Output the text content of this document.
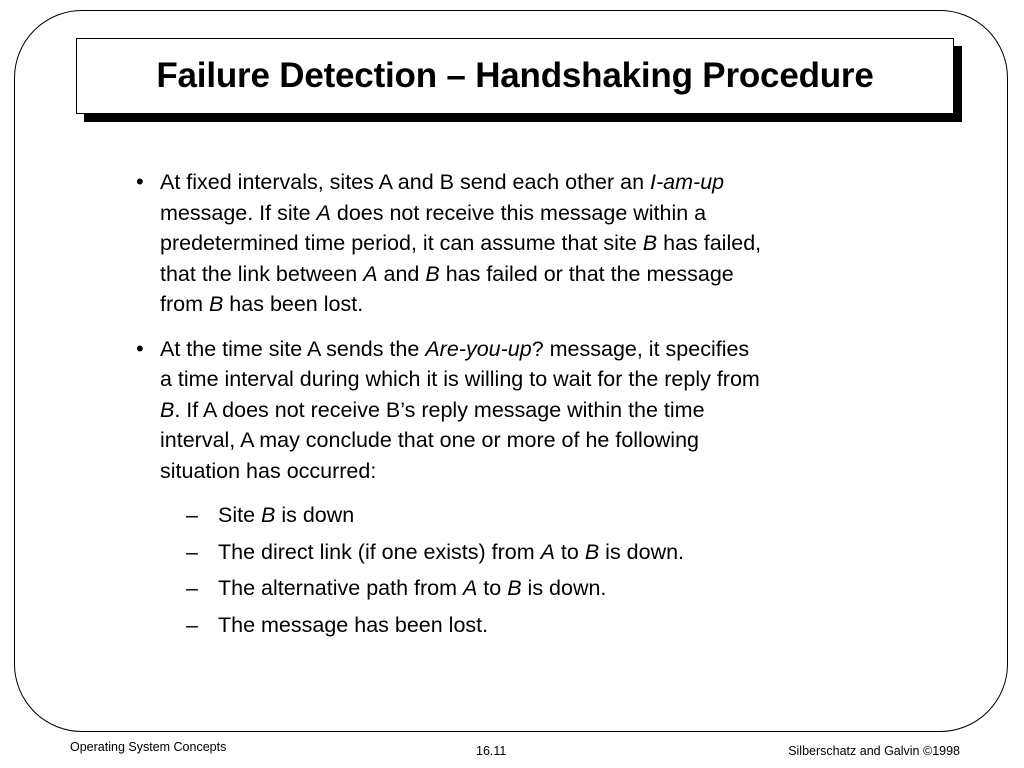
Failure Detection – Handshaking Procedure
• At fixed intervals, sites A and B send each other an I-am-up
message. If site A does not receive this message within a
predetermined time period, it can assume that site B has failed,
that the link between A and B has failed or that the message
from B has been lost.
• At the time site A sends the Are-you-up? message, it specifies
a time interval during which it is willing to wait for the reply from
B. If A does not receive B’s reply message within the time
interval, A may conclude that one or more of he following
situation has occurred:
– Site B is down
– The direct link (if one exists) from A to B is down.
– The alternative path from A to B is down.
– The message has been lost.
Operating System Concepts	16.11	Silberschatz and Galvin ©1998
